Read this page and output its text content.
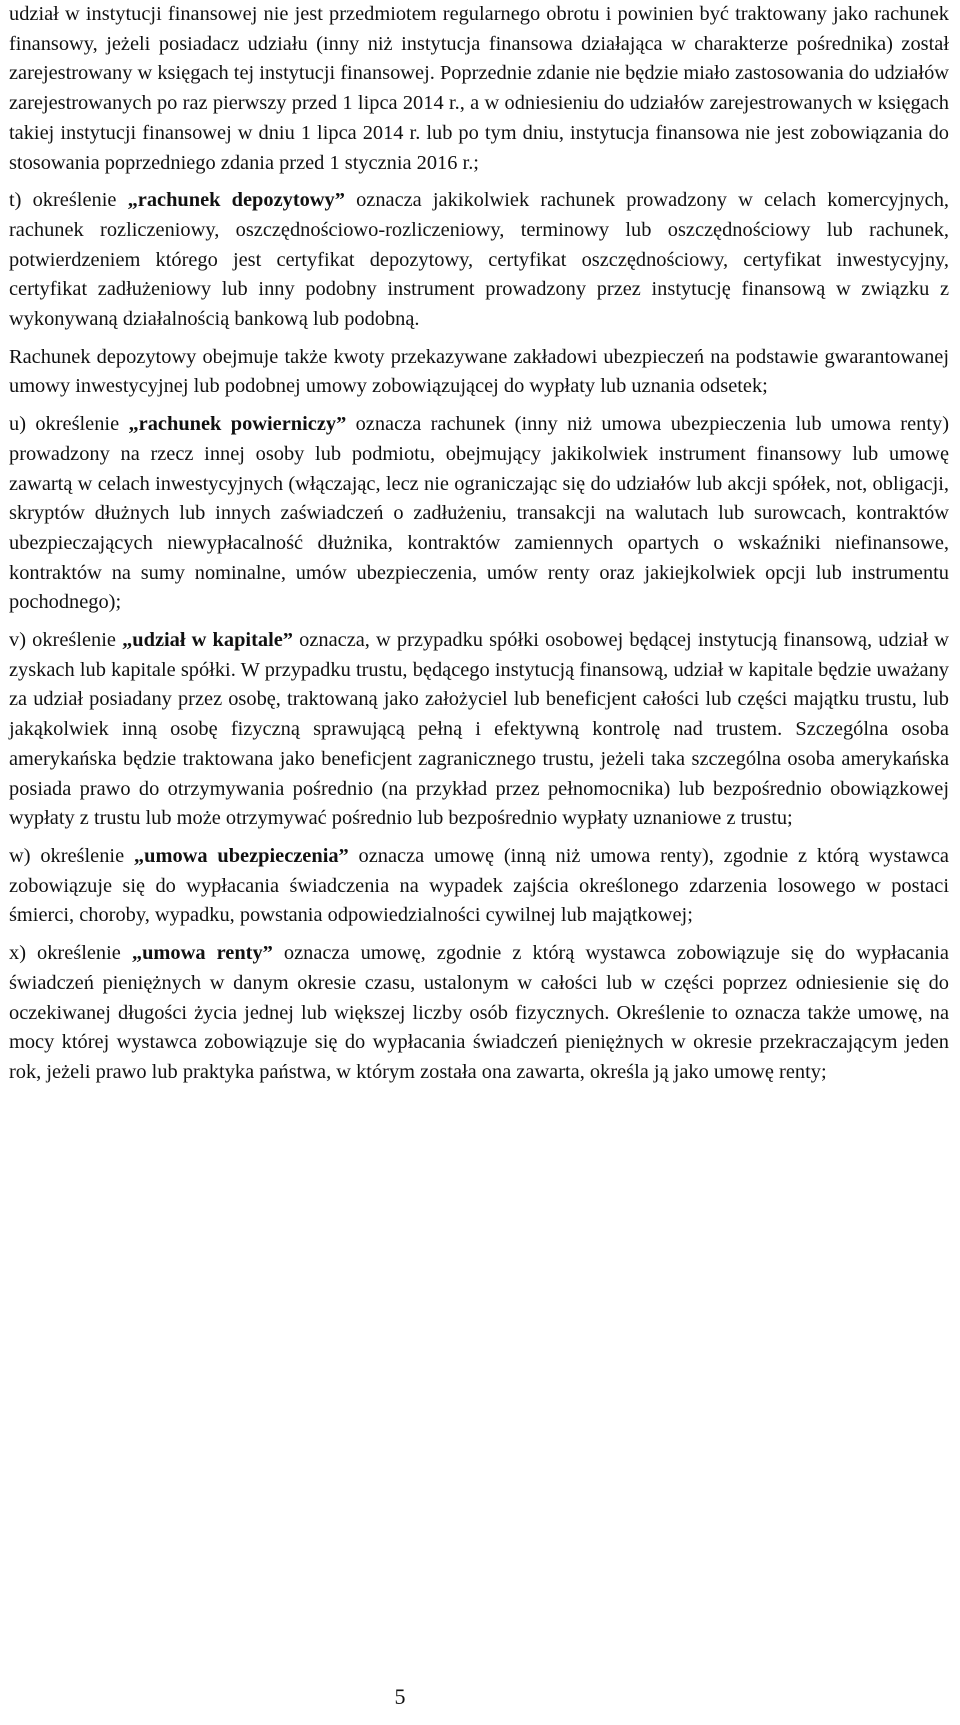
udział w instytucji finansowej nie jest przedmiotem regularnego obrotu i powinien być traktowany jako rachunek finansowy, jeżeli posiadacz udziału (inny niż instytucja finansowa działająca w charakterze pośrednika) został zarejestrowany w księgach tej instytucji finansowej. Poprzednie zdanie nie będzie miało zastosowania do udziałów zarejestrowanych po raz pierwszy przed 1 lipca 2014 r., a w odniesieniu do udziałów zarejestrowanych w księgach takiej instytucji finansowej w dniu 1 lipca 2014 r. lub po tym dniu, instytucja finansowa nie jest zobowiązania do stosowania poprzedniego zdania przed 1 stycznia 2016 r.;

t) określenie „rachunek depozytowy” oznacza jakikolwiek rachunek prowadzony w celach komercyjnych, rachunek rozliczeniowy, oszczędnościowo-rozliczeniowy, terminowy lub oszczędnościowy lub rachunek, potwierdzeniem którego jest certyfikat depozytowy, certyfikat oszczędnościowy, certyfikat inwestycyjny, certyfikat zadłużeniowy lub inny podobny instrument prowadzony przez instytucję finansową w związku z wykonywaną działalnością bankową lub podobną.

Rachunek depozytowy obejmuje także kwoty przekazywane zakładowi ubezpieczeń na podstawie gwarantowanej umowy inwestycyjnej lub podobnej umowy zobowiązującej do wypłaty lub uznania odsetek;

u) określenie „rachunek powierniczy” oznacza rachunek (inny niż umowa ubezpieczenia lub umowa renty) prowadzony na rzecz innej osoby lub podmiotu, obejmujący jakikolwiek instrument finansowy lub umowę zawartą w celach inwestycyjnych (włączając, lecz nie ograniczając się do udziałów lub akcji spółek, not, obligacji, skryptów dłużnych lub innych zaświadczeń o zadłużeniu, transakcji na walutach lub surowcach, kontraktów ubezpieczających niewypłacalność dłużnika, kontraktów zamiennych opartych o wskaźniki niefinansowe, kontraktów na sumy nominalne, umów ubezpieczenia, umów renty oraz jakiejkolwiek opcji lub instrumentu pochodnego);

v) określenie „udział w kapitale” oznacza, w przypadku spółki osobowej będącej instytucją finansową, udział w zyskach lub kapitale spółki. W przypadku trustu, będącego instytucją finansową, udział w kapitale będzie uważany za udział posiadany przez osobę, traktowaną jako założyciel lub beneficjent całości lub części majątku trustu, lub jakąkolwiek inną osobę fizyczną sprawującą pełną i efektywną kontrolę nad trustem. Szczególna osoba amerykańska będzie traktowana jako beneficjent zagranicznego trustu, jeżeli taka szczególna osoba amerykańska posiada prawo do otrzymywania pośrednio (na przykład przez pełnomocnika) lub bezpośrednio obowiązkowej wypłaty z trustu lub może otrzymywać pośrednio lub bezpośrednio wypłaty uznaniowe z trustu;

w) określenie „umowa ubezpieczenia” oznacza umowę (inną niż umowa renty), zgodnie z którą wystawca zobowiązuje się do wypłacania świadczenia na wypadek zajścia określonego zdarzenia losowego w postaci śmierci, choroby, wypadku, powstania odpowiedzialności cywilnej lub majątkowej;

x) określenie „umowa renty” oznacza umowę, zgodnie z którą wystawca zobowiązuje się do wypłacania świadczeń pieniężnych w danym okresie czasu, ustalonym w całości lub w części poprzez odniesienie się do oczekiwanej długości życia jednej lub większej liczby osób fizycznych. Określenie to oznacza także umowę, na mocy której wystawca zobowiązuje się do wypłacania świadczeń pieniężnych w okresie przekraczającym jeden rok, jeżeli prawo lub praktyka państwa, w którym została ona zawarta, określa ją jako umowę renty;

5
